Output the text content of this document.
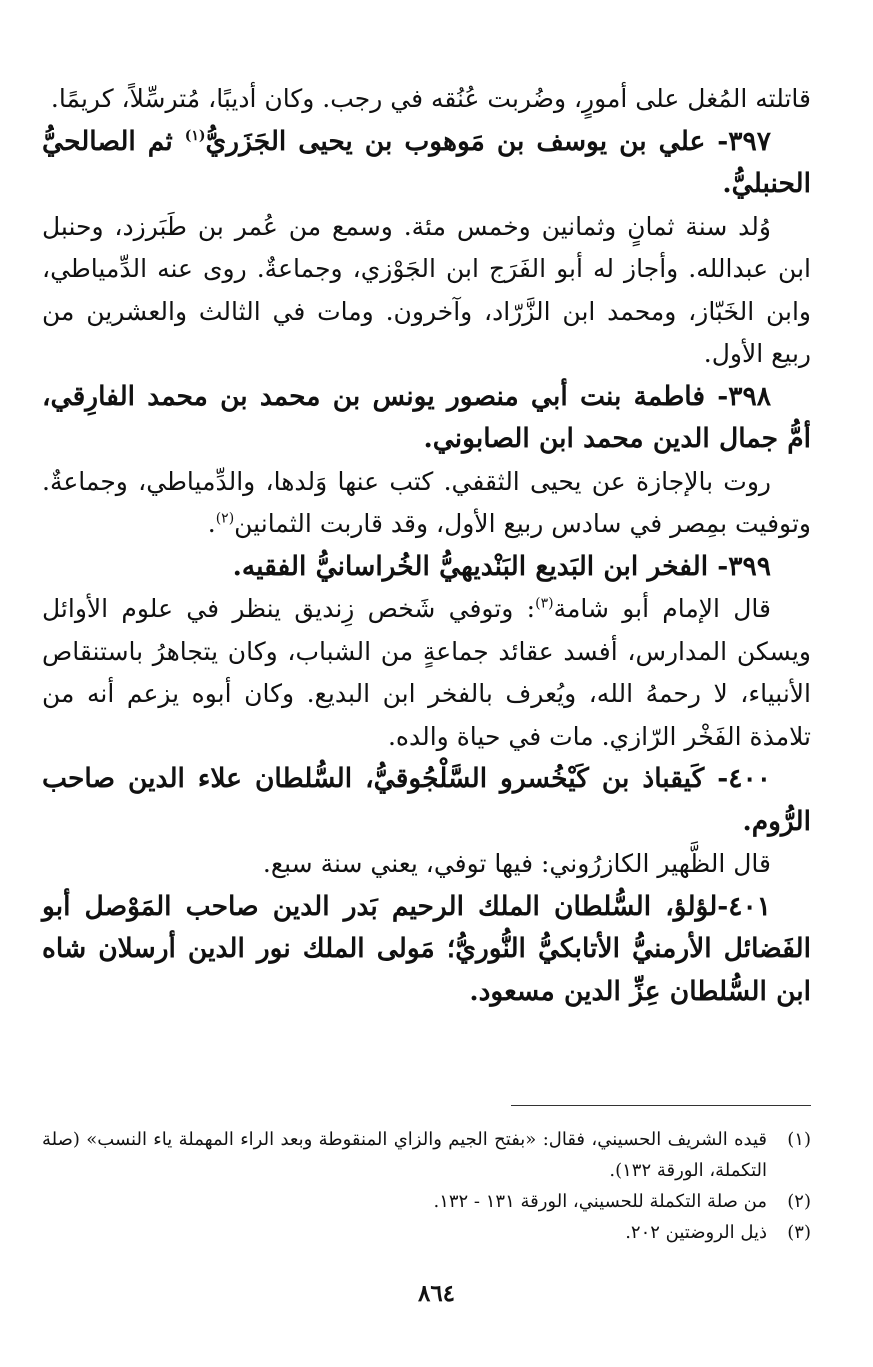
قاتلته المُغل على أمورٍ، وضُربت عُنُقه في رجب. وكان أديبًا، مُترسِّلاً، كريمًا.

٣٩٧- علي بن يوسف بن مَوهوب بن يحيى الجَزَريُّ$^{(١)}$ ثم الصالحيُّ الحنبليُّ.

وُلد سنة ثمانٍ وثمانين وخمس مئة. وسمع من عُمر بن طَبَرزد، وحنبل ابن عبدالله. وأجاز له أبو الفَرَج ابن الجَوْزي، وجماعةٌ. روى عنه الدِّمياطي، وابن الخَبّاز، ومحمد ابن الزَّرّاد، وآخرون. ومات في الثالث والعشرين من ربيع الأول.

٣٩٨- فاطمة بنت أبي منصور يونس بن محمد بن محمد الفارِقي، أمُّ جمال الدين محمد ابن الصابوني.

روت بالإجازة عن يحيى الثقفي. كتب عنها وَلدها، والدِّمياطي، وجماعةٌ. وتوفيت بمِصر في سادس ربيع الأول، وقد قاربت الثمانين$^{(٢)}$.

٣٩٩- الفخر ابن البَديع البَنْديهيُّ الخُراسانيُّ الفقيه.

قال الإمام أبو شامة$^{(٣)}$: وتوفي شَخص زِنديق ينظر في علوم الأوائل ويسكن المدارس، أفسد عقائد جماعةٍ من الشباب، وكان يتجاهرُ باستنقاص الأنبياء، لا رحمهُ الله، ويُعرف بالفخر ابن البديع. وكان أبوه يزعم أنه من تلامذة الفَخْر الرّازي. مات في حياة والده.

٤٠٠- كَيقباذ بن كَيْخُسرو السَّلْجُوقيُّ، السُّلطان علاء الدين صاحب الرُّوم.

قال الظَّهير الكازرُوني: فيها توفي، يعني سنة سبع.

٤٠١-لؤلؤ، السُّلطان الملك الرحيم بَدر الدين صاحب المَوْصل أبو الفَضائل الأرمنيُّ الأتابكيُّ النُّوريُّ؛ مَولى الملك نور الدين أرسلان شاه ابن السُّلطان عِزِّ الدين مسعود.

(١)
قيده الشريف الحسيني، فقال: «بفتح الجيم والزاي المنقوطة وبعد الراء المهملة ياء النسب» (صلة التكملة، الورقة ١٣٢).
(٢)
من صلة التكملة للحسيني، الورقة ١٣١ - ١٣٢.
(٣)
ذيل الروضتين ٢٠٢.
٨٦٤
